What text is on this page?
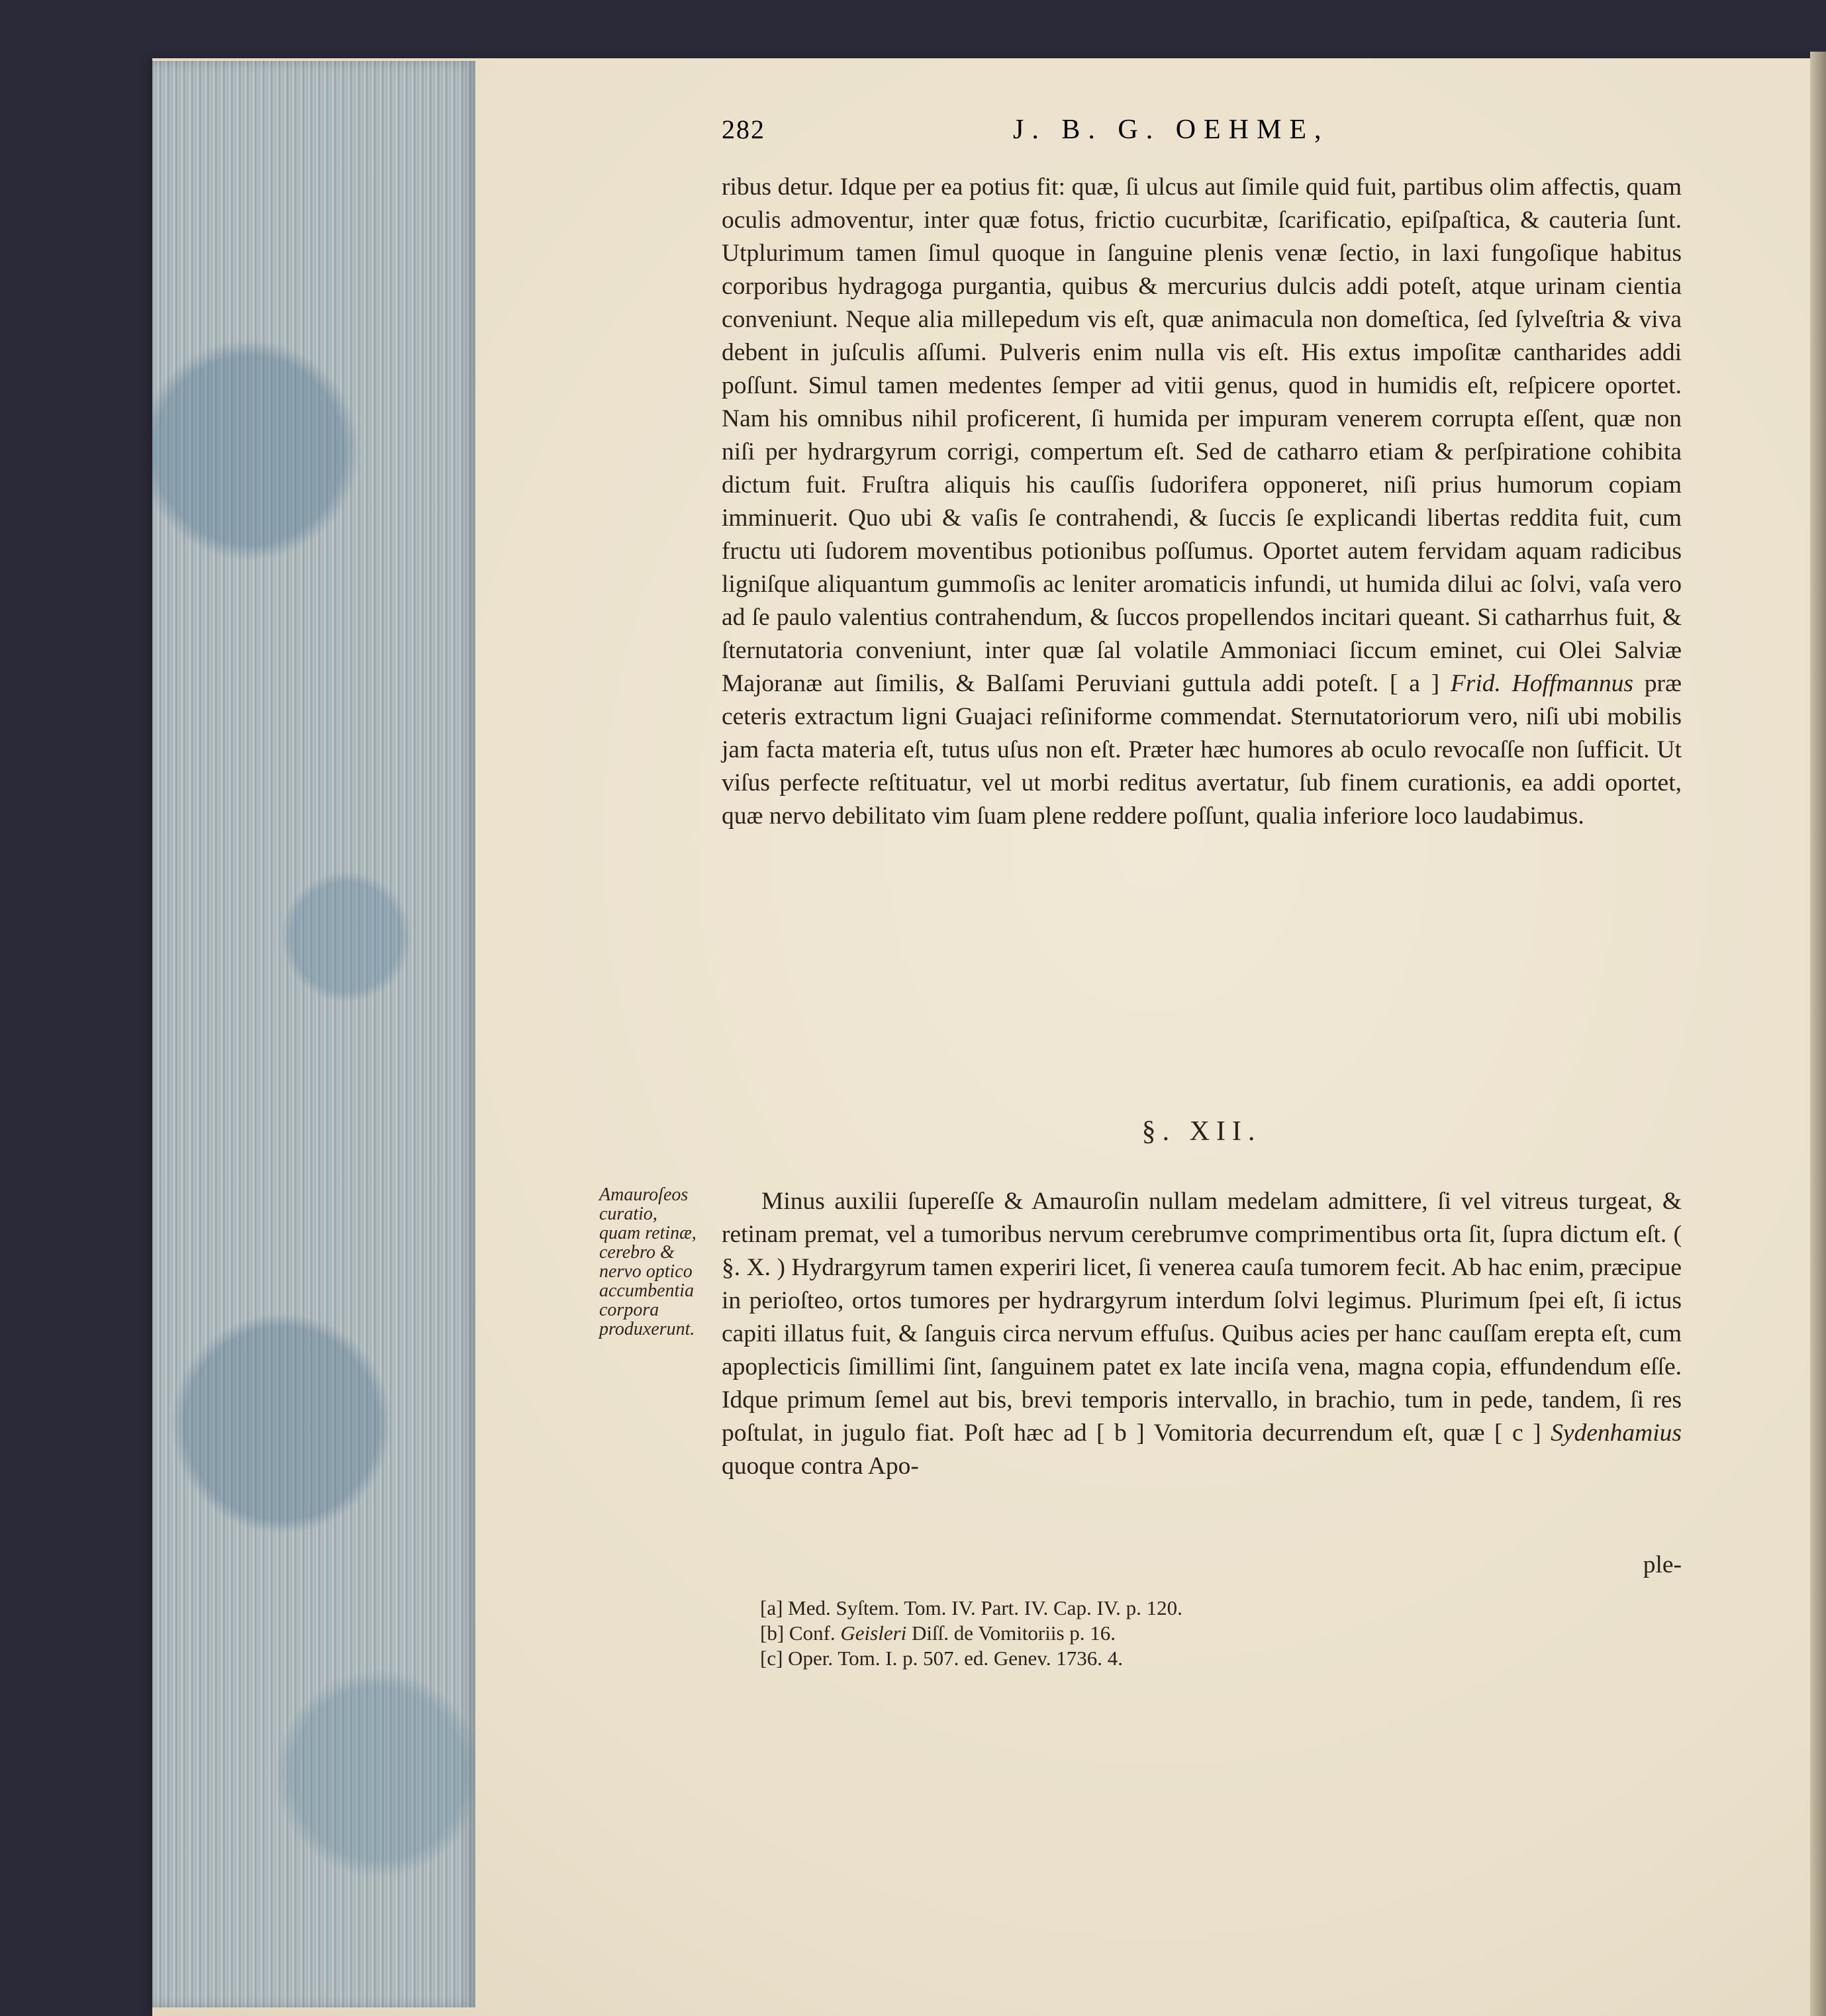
282	J. B. G. OEHME,
ribus detur. Idque per ea potius fit: quæ, ſi ulcus aut ſimile quid fuit, partibus olim affectis, quam oculis admoventur, inter quæ fotus, frictio cucurbitæ, ſcarificatio, epiſpaſtica, & cauteria ſunt. Utplurimum tamen ſimul quoque in ſanguine plenis venæ ſectio, in laxi fungoſique habitus corporibus hydragoga purgantia, quibus & mercurius dulcis addi poteſt, atque urinam cientia conveniunt. Neque alia millepedum vis eſt, quæ animacula non domeſtica, ſed ſylveſtria & viva debent in juſculis aſſumi. Pulveris enim nulla vis eſt. His extus impoſitæ cantharides addi poſſunt. Simul tamen medentes ſemper ad vitii genus, quod in humidis eſt, reſpicere oportet. Nam his omnibus nihil proficerent, ſi humida per impuram venerem corrupta eſſent, quæ non niſi per hydrargyrum corrigi, compertum eſt. Sed de catharro etiam & perſpiratione cohibita dictum fuit. Fruſtra aliquis his cauſſis ſudorifera opponeret, niſi prius humorum copiam imminuerit. Quo ubi & vaſis ſe contrahendi, & ſuccis ſe explicandi libertas reddita fuit, cum fructu uti ſudorem moventibus potionibus poſſumus. Oportet autem fervidam aquam radicibus ligniſque aliquantum gummoſis ac leniter aromaticis infundi, ut humida dilui ac ſolvi, vaſa vero ad ſe paulo valentius contrahendum, & ſuccos propellendos incitari queant. Si catharrhus fuit, & ſternutatoria conveniunt, inter quæ ſal volatile Ammoniaci ſiccum eminet, cui Olei Salviæ Majoranæ aut ſimilis, & Balſami Peruviani guttula addi poteſt. [ a ] Frid. Hoffmannus præ ceteris extractum ligni Guajaci reſiniforme commendat. Sternutatoriorum vero, niſi ubi mobilis jam facta materia eſt, tutus uſus non eſt. Præter hæc humores ab oculo revocaſſe non ſufficit. Ut viſus perfecte reſtituatur, vel ut morbi reditus avertatur, ſub finem curationis, ea addi oportet, quæ nervo debilitato vim ſuam plene reddere poſſunt, qualia inferiore loco laudabimus.
§. XII.
Amauroſeos curatio, quam retinæ, cerebro & nervo optico accumbentia corpora produxerunt.
Minus auxilii ſupereſſe & Amauroſin nullam medelam admittere, ſi vel vitreus turgeat, & retinam premat, vel a tumoribus nervum cerebrumve comprimentibus orta ſit, ſupra dictum eſt. ( §. X. ) Hydrargyrum tamen experiri licet, ſi venerea cauſa tumorem fecit. Ab hac enim, præcipue in perioſteo, ortos tumores per hydrargyrum interdum ſolvi legimus. Plurimum ſpei eſt, ſi ictus capiti illatus fuit, & ſanguis circa nervum effuſus. Quibus acies per hanc cauſſam erepta eſt, cum apoplecticis ſimillimi ſint, ſanguinem patet ex late inciſa vena, magna copia, effundendum eſſe. Idque primum ſemel aut bis, brevi temporis intervallo, in brachio, tum in pede, tandem, ſi res poſtulat, in jugulo fiat. Poſt hæc ad [ b ] Vomitoria decurrendum eſt, quæ [ c ] Sydenhamius quoque contra Apo-
ple-
[a] Med. Syſtem. Tom. IV. Part. IV. Cap. IV. p. 120.
[b] Conf. Geisleri Diſſ. de Vomitoriis p. 16.
[c] Oper. Tom. I. p. 507. ed. Genev. 1736. 4.
